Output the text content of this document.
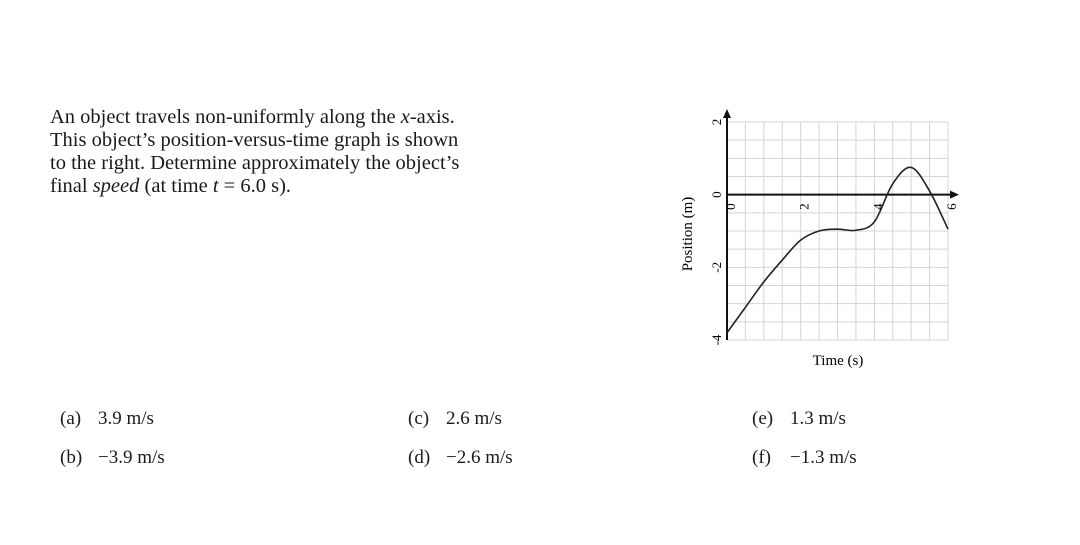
An object travels non-uniformly along the x-axis.
This object’s position-versus-time graph is shown
to the right. Determine approximately the object’s
final speed (at time t = 6.0 s).
0	2	4	6
2
0
-2
-4
Position (m)
Time (s)
(a) 3.9 m/s
(b) −3.9 m/s
(c) 2.6 m/s
(d) −2.6 m/s
(e) 1.3 m/s
(f) −1.3 m/s
